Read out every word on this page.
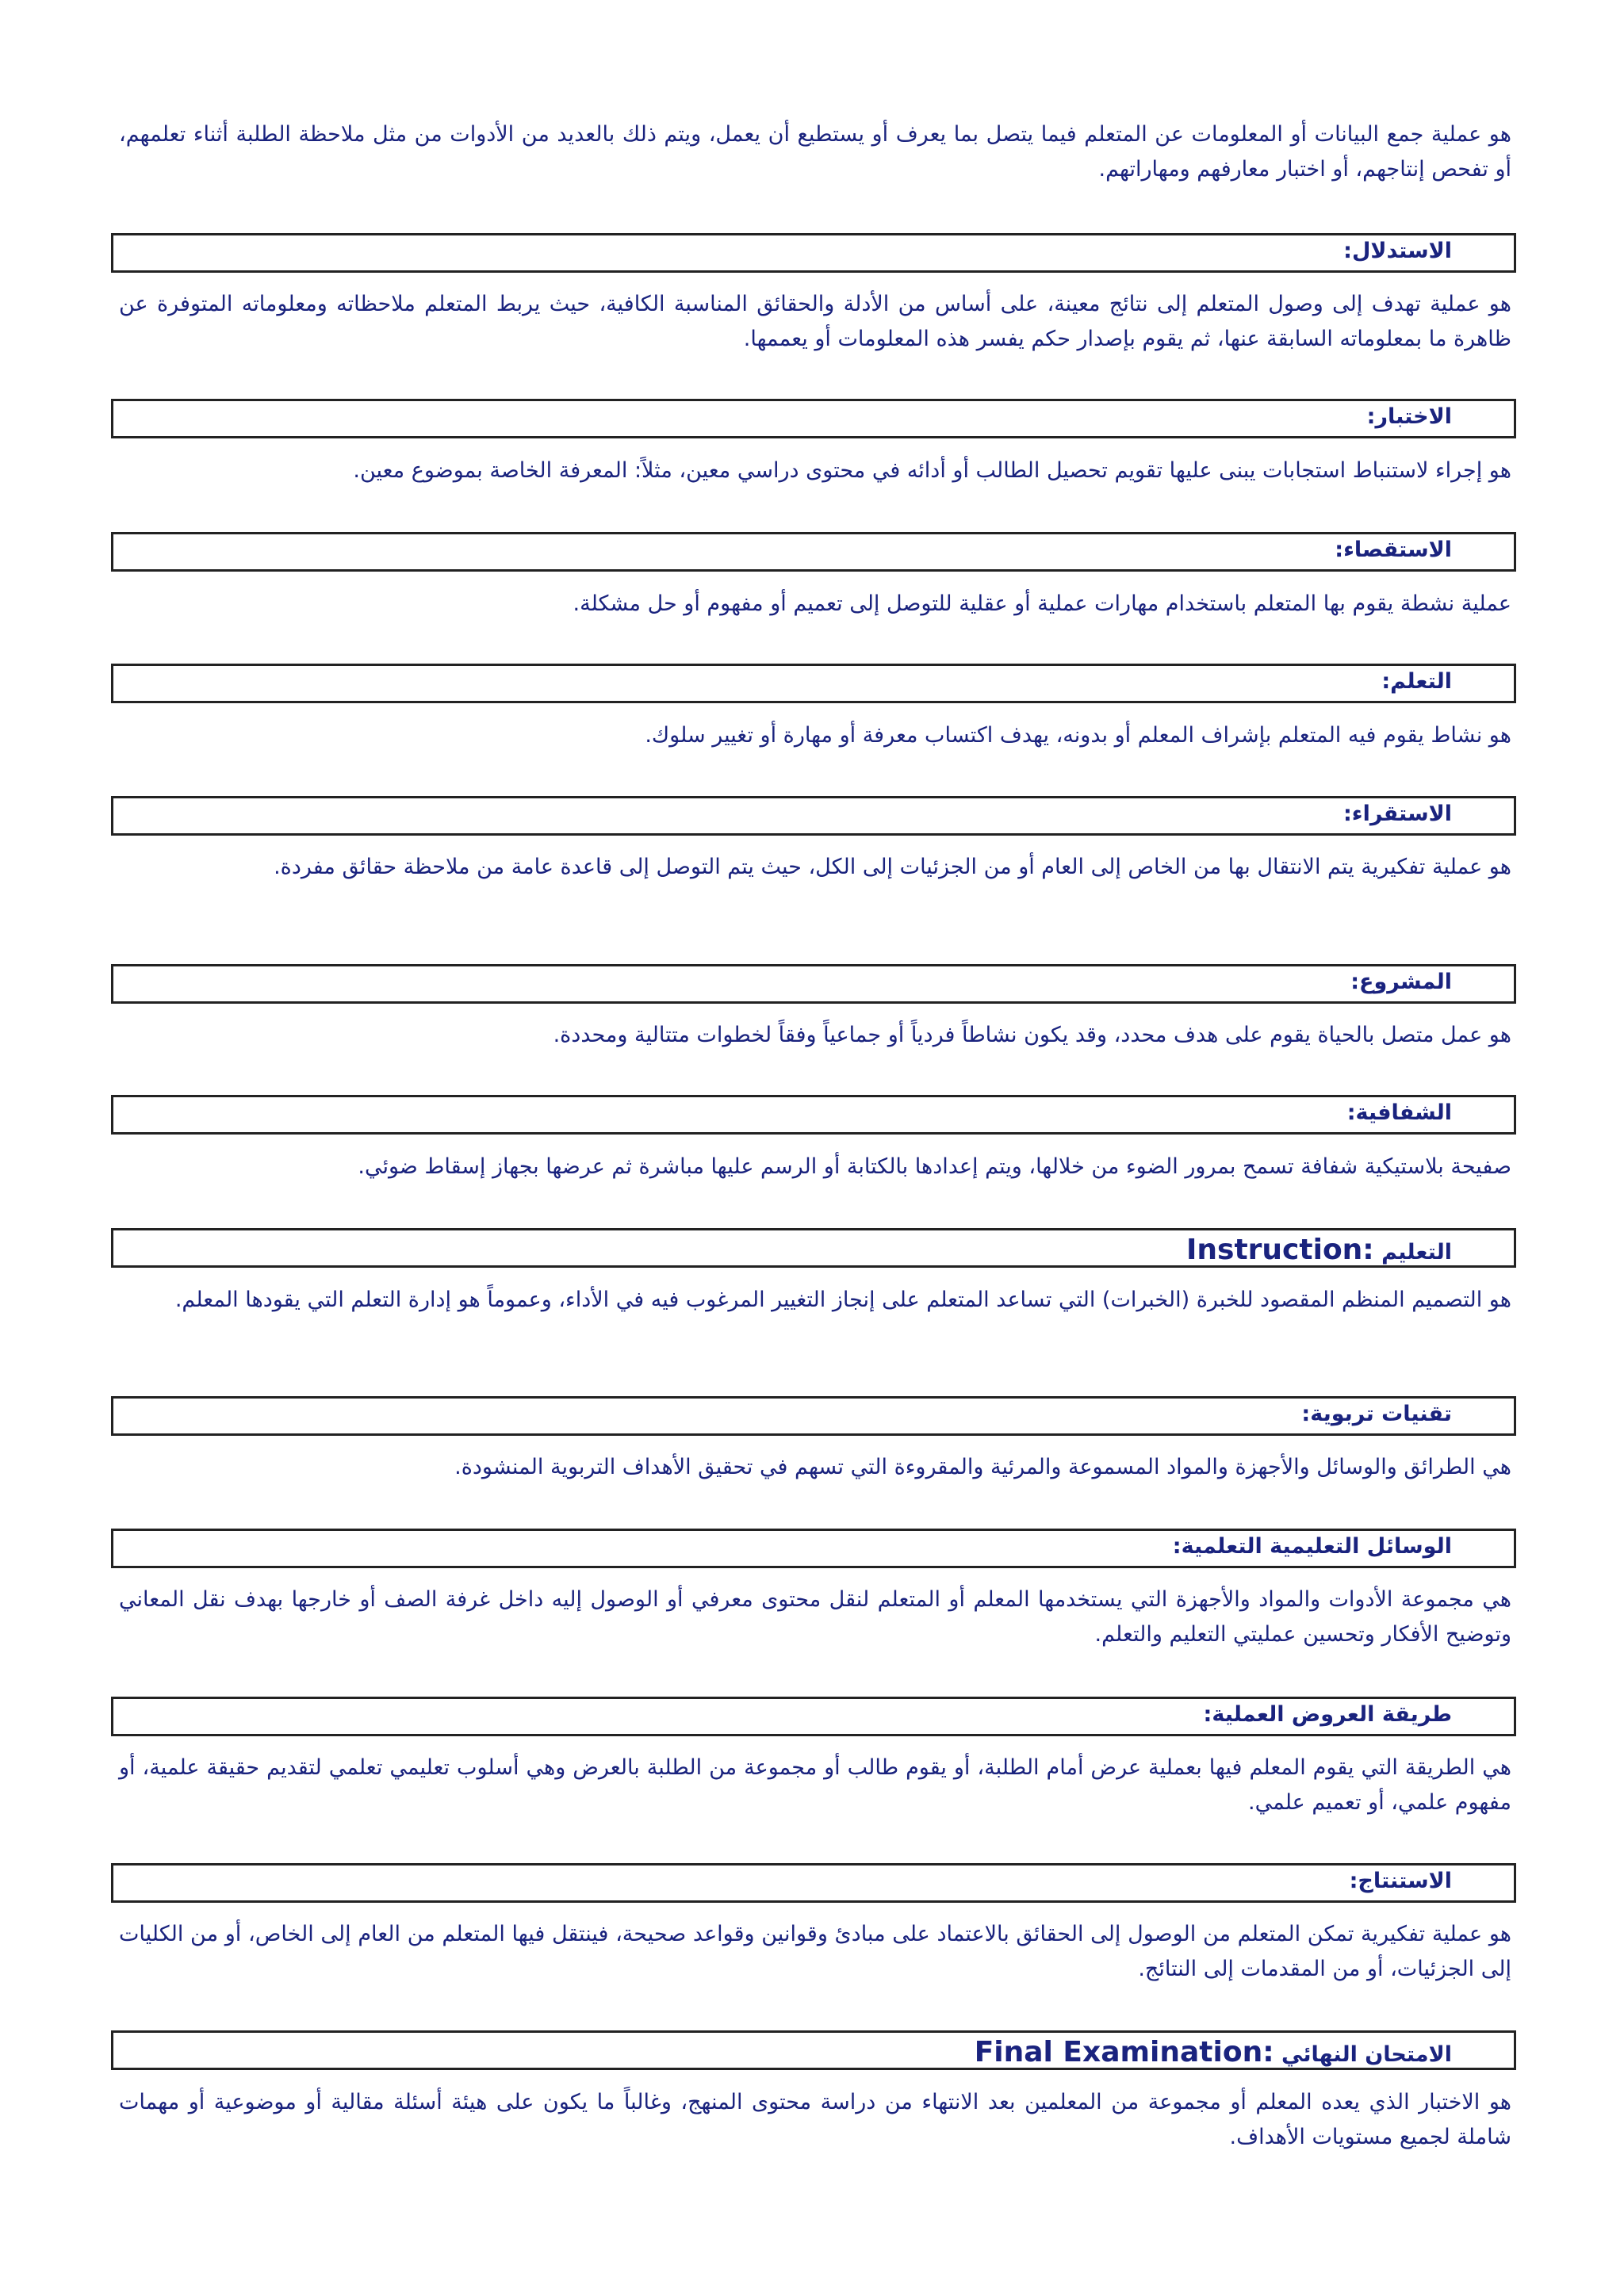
هو عملية جمع البيانات أو المعلومات عن المتعلم فيما يتصل بما يعرف أو يستطيع أن يعمل، ويتم ذلك بالعديد من الأدوات من مثل ملاحظة الطلبة أثناء تعلمهم، أو تفحص إنتاجهم، أو اختبار معارفهم ومهاراتهم.

الاستدلال:

هو عملية تهدف إلى وصول المتعلم إلى نتائج معينة، على أساس من الأدلة والحقائق المناسبة الكافية، حيث يربط المتعلم ملاحظاته ومعلوماته المتوفرة عن ظاهرة ما بمعلوماته السابقة عنها، ثم يقوم بإصدار حكم يفسر هذه المعلومات أو يعممها.

الاختبار:

هو إجراء لاستنباط استجابات يبنى عليها تقويم تحصيل الطالب أو أدائه في محتوى دراسي معين، مثلاً: المعرفة الخاصة بموضوع معين.

الاستقصاء:

عملية نشطة يقوم بها المتعلم باستخدام مهارات عملية أو عقلية للتوصل إلى تعميم أو مفهوم أو حل مشكلة.

التعلم:

هو نشاط يقوم فيه المتعلم بإشراف المعلم أو بدونه، يهدف اكتساب معرفة أو مهارة أو تغيير سلوك.

الاستقراء:

هو عملية تفكيرية يتم الانتقال بها من الخاص إلى العام أو من الجزئيات إلى الكل، حيث يتم التوصل إلى قاعدة عامة من ملاحظة حقائق مفردة.

المشروع:

هو عمل متصل بالحياة يقوم على هدف محدد، وقد يكون نشاطاً فردياً أو جماعياً وفقاً لخطوات متتالية ومحددة.

الشفافية:

صفيحة بلاستيكية شفافة تسمح بمرور الضوء من خلالها، ويتم إعدادها بالكتابة أو الرسم عليها مباشرة ثم عرضها بجهاز إسقاط ضوئي.

التعليم Instruction:

هو التصميم المنظم المقصود للخبرة (الخبرات) التي تساعد المتعلم على إنجاز التغيير المرغوب فيه في الأداء، وعموماً هو إدارة التعلم التي يقودها المعلم.

تقنيات تربوية:

هي الطرائق والوسائل والأجهزة والمواد المسموعة والمرئية والمقروءة التي تسهم في تحقيق الأهداف التربوية المنشودة.

الوسائل التعليمية التعلمية:

هي مجموعة الأدوات والمواد والأجهزة التي يستخدمها المعلم أو المتعلم لنقل محتوى معرفي أو الوصول إليه داخل غرفة الصف أو خارجها بهدف نقل المعاني وتوضيح الأفكار وتحسين عمليتي التعليم والتعلم.

طريقة العروض العملية:

هي الطريقة التي يقوم المعلم فيها بعملية عرض أمام الطلبة، أو يقوم طالب أو مجموعة من الطلبة بالعرض وهي أسلوب تعليمي تعلمي لتقديم حقيقة علمية، أو مفهوم علمي، أو تعميم علمي.

الاستنتاج:

هو عملية تفكيرية تمكن المتعلم من الوصول إلى الحقائق بالاعتماد على مبادئ وقوانين وقواعد صحيحة، فينتقل فيها المتعلم من العام إلى الخاص، أو من الكليات إلى الجزئيات، أو من المقدمات إلى النتائج.

الامتحان النهائي Final Examination:

هو الاختبار الذي يعده المعلم أو مجموعة من المعلمين بعد الانتهاء من دراسة محتوى المنهج، وغالباً ما يكون على هيئة أسئلة مقالية أو موضوعية أو مهمات شاملة لجميع مستويات الأهداف.
